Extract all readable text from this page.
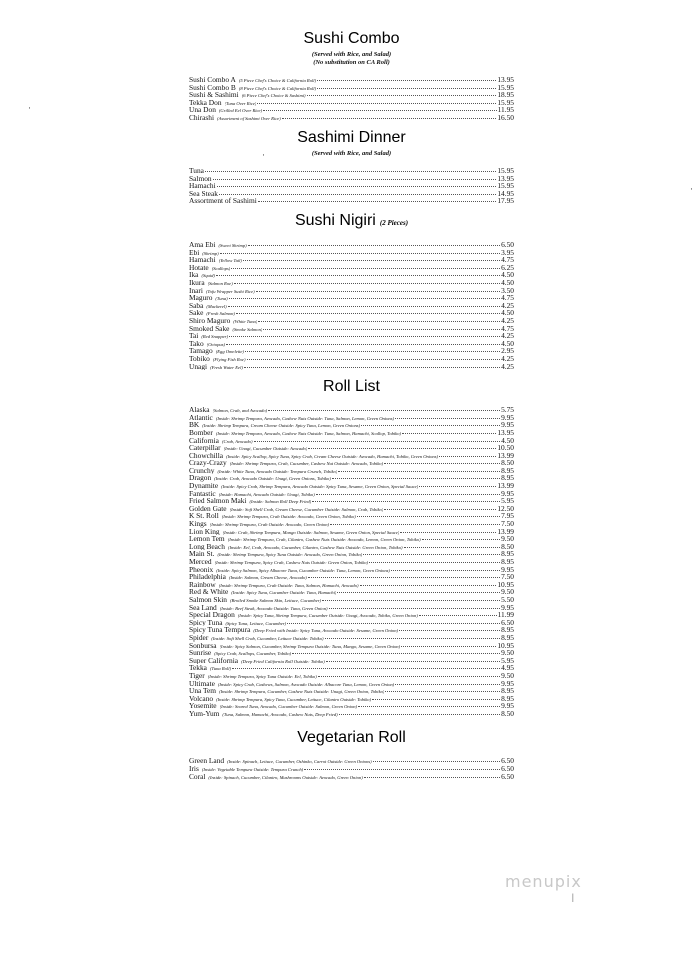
Sushi Combo
(Served with Rice, and Salad)
(No substitution on CA Roll)
Sushi Combo A (5 Piece Chef's Choice & California Roll)	13.95
Sushi Combo B (8 Piece Chef's Choice & California Roll)	15.95
Sushi & Sashimi (6 Piece Chef's Choice & Sashimi)	18.95
Tekka Don (Tuna Over Rice)	15.95
Una Don (Grilled Eel Over Rice)	11.95
Chirashi (Assortment of Sashimi Over Rice)	16.50
Sashimi Dinner
(Served with Rice, and Salad)
Tuna	15.95
Salmon	13.95
Hamachi	15.95
Sea Steak	14.95
Assortment of Sashimi	17.95
Sushi Nigiri (2 Pieces)
Ama Ebi (Sweet Shrimp)	6.50
Ebi (Shrimp)	3.95
Hamachi (Yellow Tail)	4.75
Hotate (Scallops)	6.25
Ika (Squid)	4.50
Ikura (Salmon Roe)	4.50
Inari (Tofu Wrapper Sushi Rice)	3.50
Maguro (Tuna)	4.75
Saba (Mackerel)	4.25
Sake (Fresh Salmon)	4.50
Shiro Maguro (White Tuna)	4.25
Smoked Sake (Smoke Salmon)	4.75
Tai (Red Snapper)	4.25
Tako (Octopus)	4.50
Tamago (Egg Omelette)	2.95
Tobiko (Flying Fish Roe)	4.25
Unagi (Fresh Water Eel)	4.25
Roll List
Alaska (Salmon, Crab, and Avocado)	5.75
Atlantic (Inside: Shrimp Tempura, Avocado, Cashew Nuts Outside: Tuna, Salmon, Lemon, Green Onions)	9.95
BK (Inside: Shrimp Tempura, Cream Cheese Outside: Spicy Tuna, Lemon, Green Onions)	9.95
Bomber (Inside: Shrimp Tempura, Avocado, Cashew Nuts Outside: Tuna, Salmon, Hamachi, Scallop, Tobiko)	13.95
California (Crab, Avocado)	4.50
Caterpillar (Inside: Unagi, Cucumber Outside: Avocado)	10.50
Chowchilla (Inside: Spicy Scallop, Spicy Tuna, Spicy Crab, Cream Cheese Outside: Avocado, Hamachi, Tobiko, Green Onions)	13.99
Crazy-Crazy (Inside: Shrimp Tempura, Crab, Cucumber, Cashew Nut Outside: Avocado, Tobiko)	8.50
Crunchy (Inside: White Tuna, Avocado Outside: Tempura Crunch, Tobiko)	8.95
Dragon (Inside: Crab, Avocado Outside: Unagi, Green Onions, Tobiko)	8.95
Dynamite (Inside: Spicy Crab, Shrimp Tempura, Avocado Outside: Spicy Tuna, Sesame, Green Onion, Special Sauce)	13.99
Fantastic (Inside: Hamachi, Avocado Outside: Unagi, Tobiko)	9.95
Fried Salmon Maki (Inside: Salmon Roll Deep Fried)	5.95
Golden Gate (Inside: Soft Shell Crab, Cream Cheese, Cucumber Outside: Salmon, Crab, Tobiko)	12.50
K St. Roll (Inside: Shrimp Tempura, Crab Outside: Avocado, Green Onion, Tobiko)	7.95
Kings (Inside: Shrimp Tempura, Crab Outside: Avocado, Green Onion)	7.50
Lion King (Inside: Crab, Shrimp Tempura, Mango Outside: Salmon, Sesame, Green Onion, Special Sauce)	13.99
Lemon Tem (Inside: Shrimp Tempura, Crab, Cilantro, Cashew Nuts Outside: Avocado, Lemon, Green Onion, Tobiko)	9.50
Long Beach (Inside: Eel, Crab, Avocado, Cucumber, Cilantro, Cashew Nuts Outside: Green Onion, Tobiko)	8.50
Main St. (Inside: Shrimp Tempura, Spicy Tuna Outside: Avocado, Green Onion, Tobiko)	8.95
Merced (Inside: Shrimp Tempura, Spicy Crab, Cashew Nuts Outside: Green Onion, Tobiko)	8.95
Pheonix (Inside: Spicy Salmon, Spicy Albacore Tuna, Cucumber Outside: Tuna, Lemon, Green Onions)	9.95
Philadelphia (Inside: Salmon, Cream Cheese, Avocado)	7.50
Rainbow (Inside: Shrimp Tempura, Crab Outside: Tuna, Salmon, Hamachi, Avocado)	10.95
Red & White (Inside: Spicy Tuna, Cucumber Outside: Tuna, Hamachi)	9.50
Salmon Skin (Broiled Smoke Salmon Skin, Lettuce, Cucumber)	5.50
Sea Land (Inside: Beef Steak, Avocado Outside: Tuna, Green Onion)	9.95
Special Dragon (Inside: Spicy Tuna, Shrimp Tempura, Cucumber Outside: Unagi, Avocado, Tobiko, Green Onion)	11.99
Spicy Tuna (Spicy Tuna, Lettuce, Cucumber)	6.50
Spicy Tuna Tempura (Deep Fried with Inside: Spicy Tuna, Avocado Outside: Sesame, Green Onion)	8.95
Spider (Inside: Soft Shell Crab, Cucumber, Lettuce Outside: Tobiko)	8.95
Sonbursa (Inside: Spicy Salmon, Cucumber, Shrimp Tempura Outside: Tuna, Mango, Sesame, Green Onion)	10.95
Sunrise (Spicy Crab, Scallops, Cucumber, Tobiko)	9.50
Super California (Deep Fried California Roll Outside: Tobiko)	5.95
Tekka (Tuna Roll)	4.95
Tiger (Inside: Shrimp Tempura, Spicy Tuna Outside: Eel, Tobiko)	9.50
Ultimate (Inside: Spicy Crab, Cashews, Salmon, Avocado Outside: Albacore Tuna, Lemon, Green Onion)	9.95
Una Tem (Inside: Shrimp Tempura, Cucumber, Cashew Nuts Outside: Unagi, Green Onion, Tobiko)	8.95
Volcano (Inside: Shrimp Tempura, Spicy Tuna, Cucumber, Lettuce, Cilantro Outside: Tobiko)	8.95
Yosemite (Inside: Seared Tuna, Avocado, Cucumber Outside: Salmon, Green Onion)	9.95
Yum-Yum (Tuna, Salmon, Hamachi, Avocado, Cashew Nuts, Deep Fried)	8.50
Vegetarian Roll
Green Land (Inside: Spinach, Lettuce, Cucumber, Oshinko, Carrot Outside: Green Onions)	6.50
Iris (Inside: Vegetable Tempura Outside: Tempura Crunch)	6.50
Coral (Inside: Spinach, Cucumber, Cilantro, Mushrooms Outside: Avocado, Green Onion)	6.50
·
·
·
|
menupix
